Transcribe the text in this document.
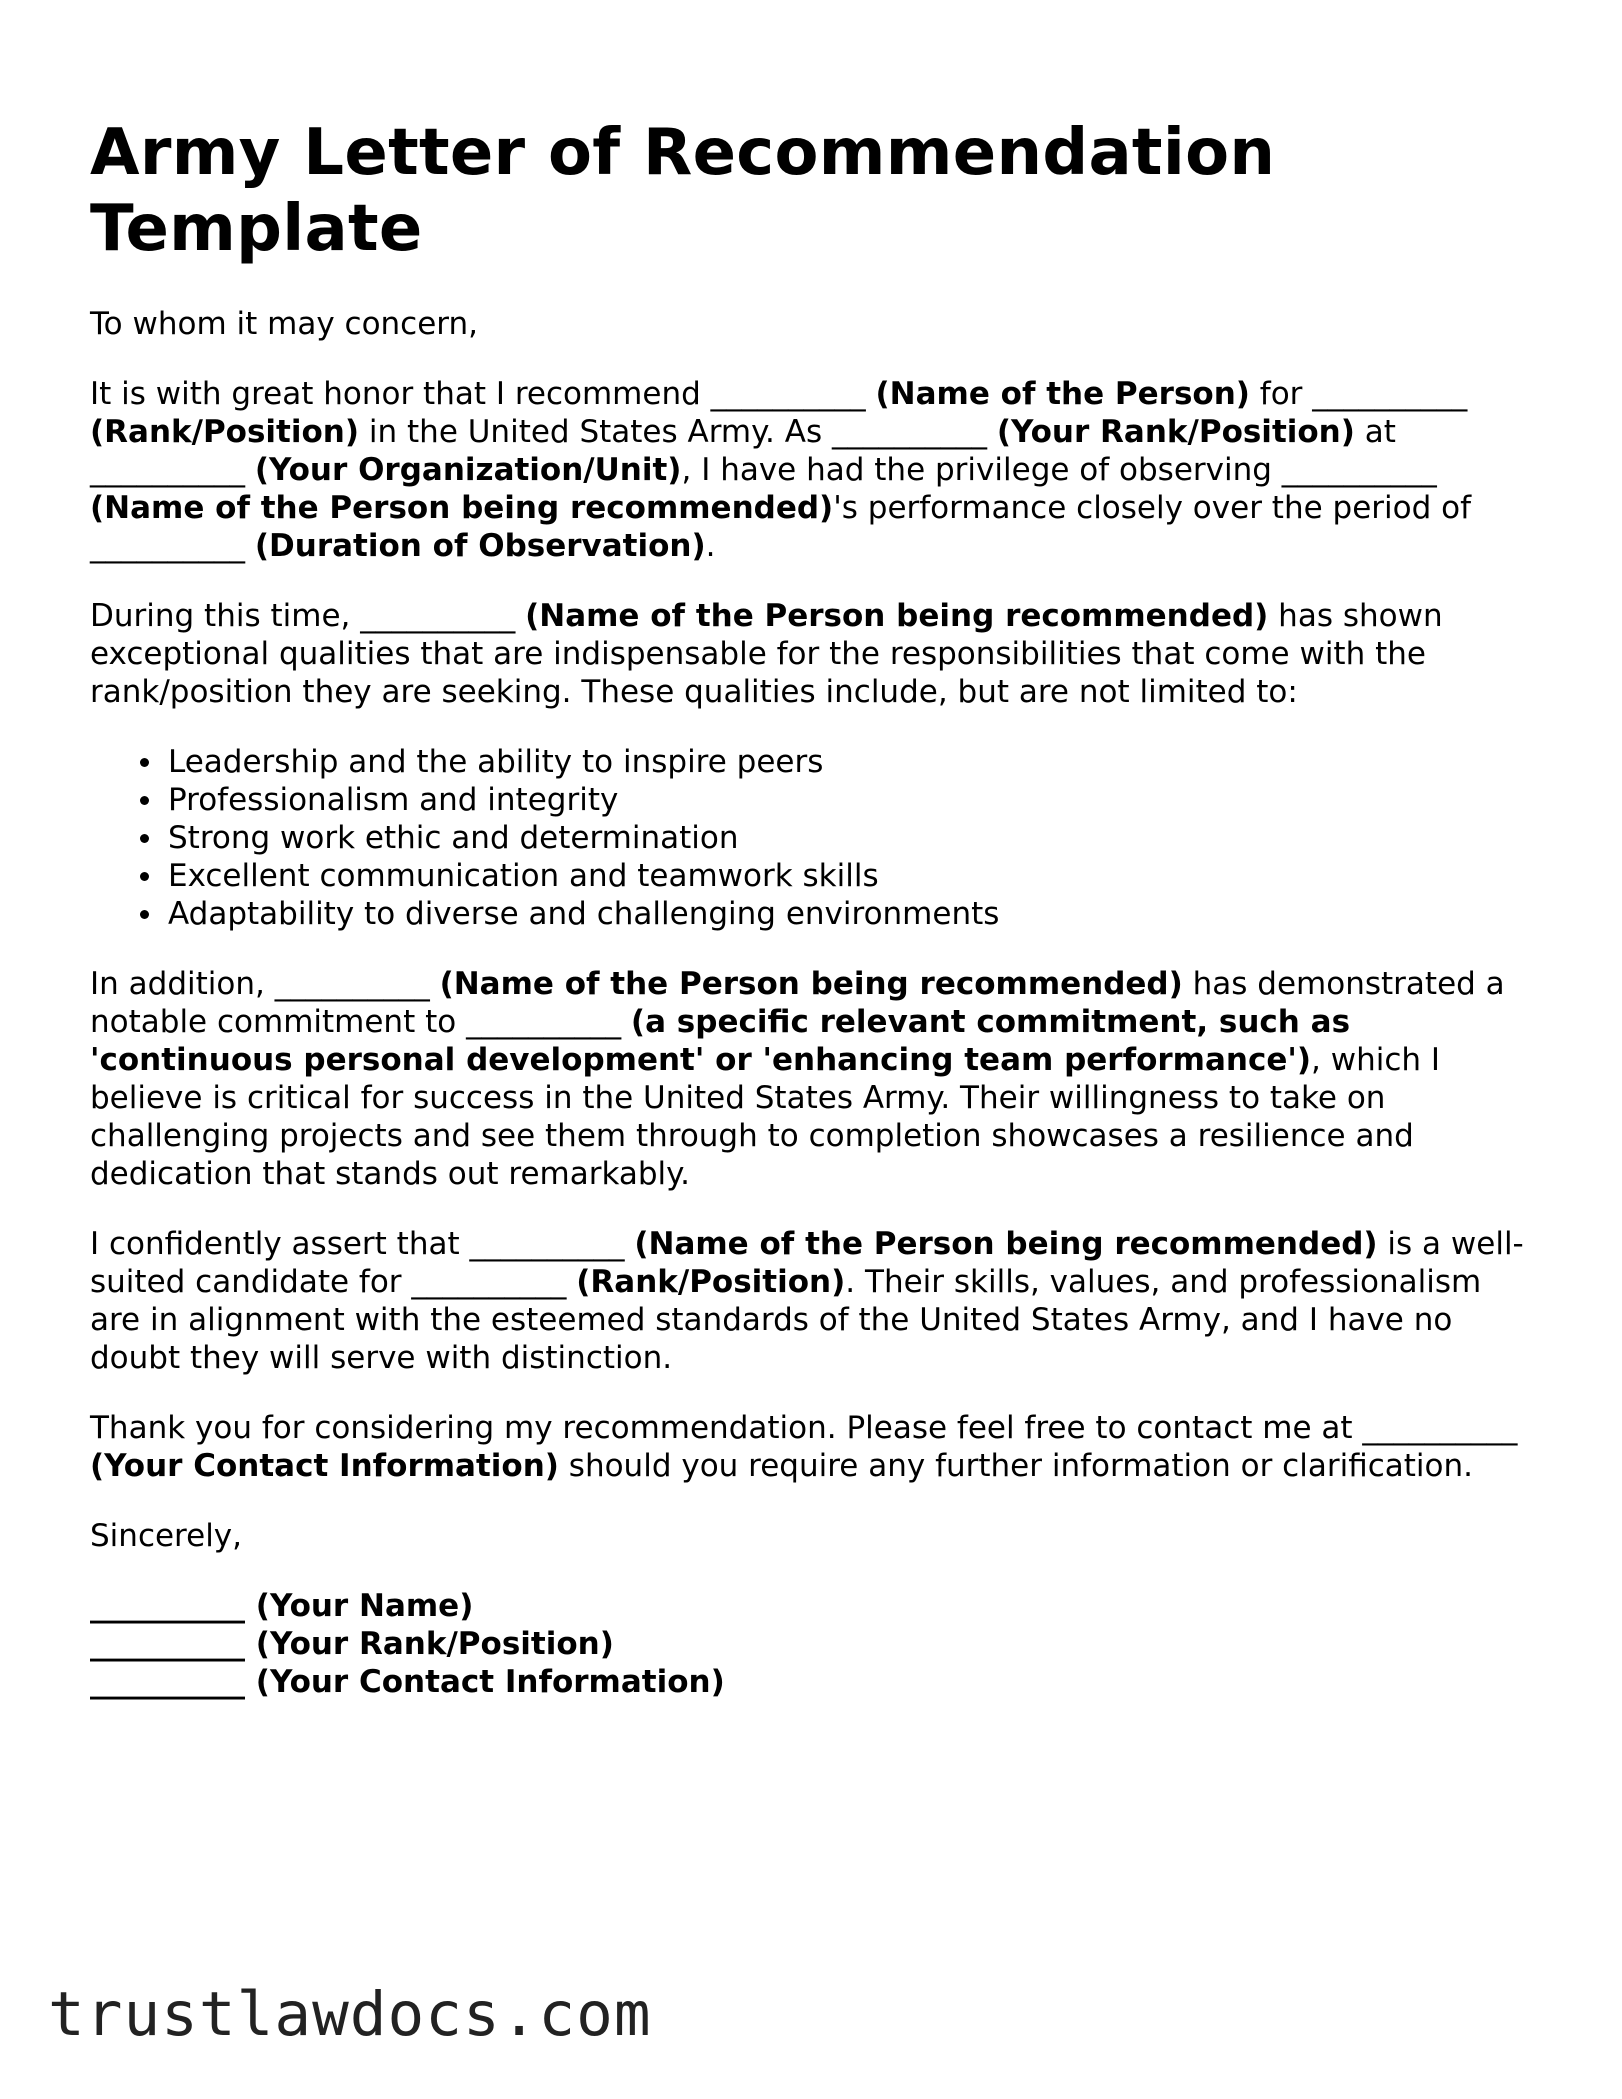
Army Letter of Recommendation Template

To whom it may concern,

It is with great honor that I recommend __________ (Name of the Person) for __________ (Rank/Position) in the United States Army. As __________ (Your Rank/Position) at __________ (Your Organization/Unit), I have had the privilege of observing __________ (Name of the Person being recommended)'s performance closely over the period of __________ (Duration of Observation).

During this time, __________ (Name of the Person being recommended) has shown exceptional qualities that are indispensable for the responsibilities that come with the rank/position they are seeking. These qualities include, but are not limited to:

Leadership and the ability to inspire peers
Professionalism and integrity
Strong work ethic and determination
Excellent communication and teamwork skills
Adaptability to diverse and challenging environments

In addition, __________ (Name of the Person being recommended) has demonstrated a notable commitment to __________ (a specific relevant commitment, such as 'continuous personal development' or 'enhancing team performance'), which I believe is critical for success in the United States Army. Their willingness to take on challenging projects and see them through to completion showcases a resilience and dedication that stands out remarkably.

I confidently assert that __________ (Name of the Person being recommended) is a well-suited candidate for __________ (Rank/Position). Their skills, values, and professionalism are in alignment with the esteemed standards of the United States Army, and I have no doubt they will serve with distinction.

Thank you for considering my recommendation. Please feel free to contact me at __________ (Your Contact Information) should you require any further information or clarification.

Sincerely,

__________ (Your Name)

__________ (Your Rank/Position)

__________ (Your Contact Information)

trustlawdocs.com
